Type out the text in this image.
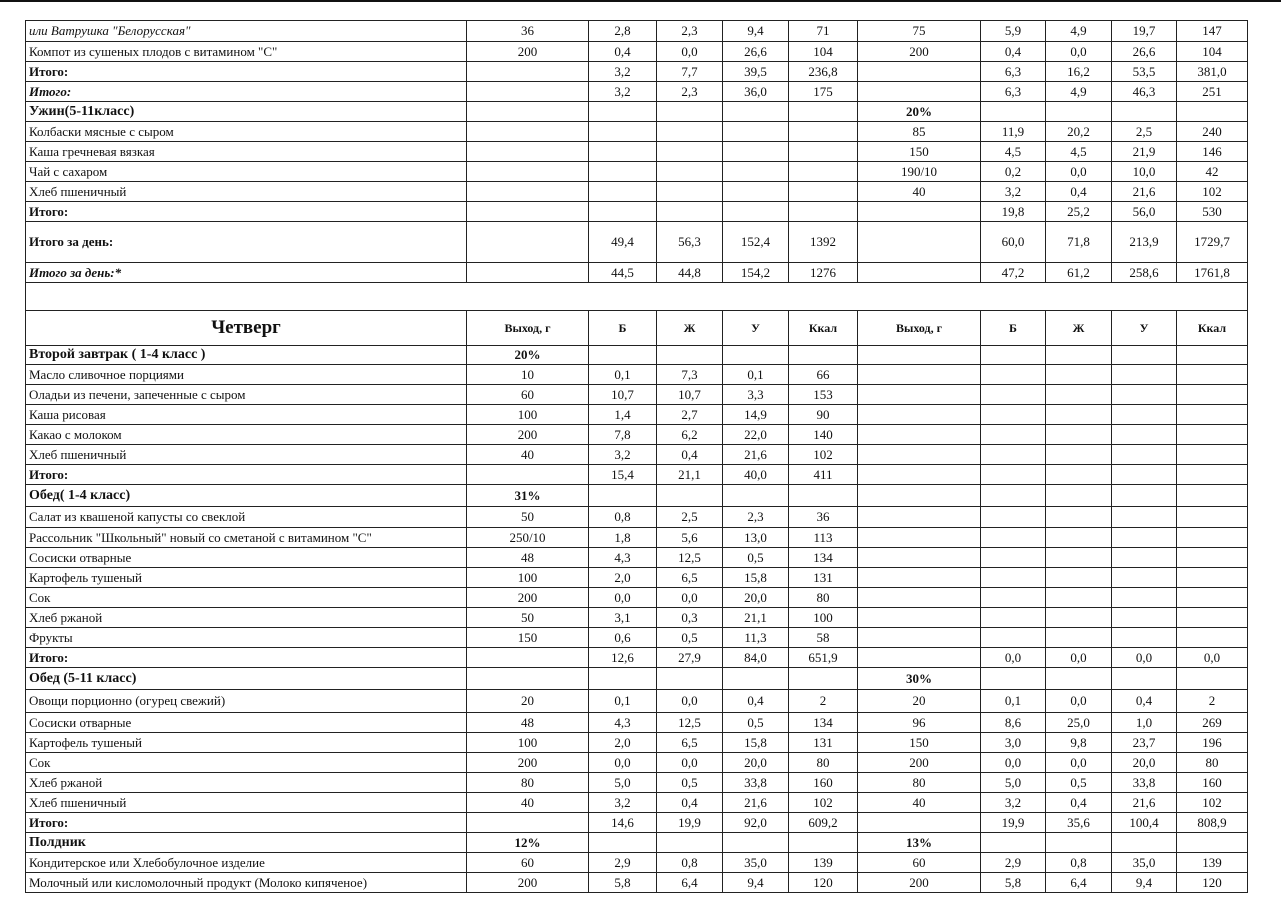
или Ватрушка "Белорусская"	36	2,8	2,3	9,4	71	75	5,9	4,9	19,7	147
Компот из сушеных плодов с витамином "С"	200	0,4	0,0	26,6	104	200	0,4	0,0	26,6	104
Итого:		3,2	7,7	39,5	236,8		6,3	16,2	53,5	381,0
Итого:		3,2	2,3	36,0	175		6,3	4,9	46,3	251
Ужин(5-11класс)						20%				
Колбаски мясные с сыром						85	11,9	20,2	2,5	240
Каша гречневая вязкая						150	4,5	4,5	21,9	146
Чай с сахаром						190/10	0,2	0,0	10,0	42
Хлеб пшеничный						40	3,2	0,4	21,6	102
Итого:							19,8	25,2	56,0	530
Итого за день:		49,4	56,3	152,4	1392		60,0	71,8	213,9	1729,7
Итого за день:*		44,5	44,8	154,2	1276		47,2	61,2	258,6	1761,8

Четверг	Выход, г	Б	Ж	У	Ккал	Выход, г	Б	Ж	У	Ккал
Второй завтрак ( 1-4 класс )	20%									
Масло сливочное порциями	10	0,1	7,3	0,1	66					
Оладьи из печени, запеченные с сыром	60	10,7	10,7	3,3	153					
Каша рисовая	100	1,4	2,7	14,9	90					
Какао с молоком	200	7,8	6,2	22,0	140					
Хлеб пшеничный	40	3,2	0,4	21,6	102					
Итого:		15,4	21,1	40,0	411					
Обед( 1-4 класс)	31%									
Салат из квашеной капусты со свеклой	50	0,8	2,5	2,3	36					
Рассольник "Школьный" новый со сметаной с витамином "С"	250/10	1,8	5,6	13,0	113					
Сосиски отварные	48	4,3	12,5	0,5	134					
Картофель тушеный	100	2,0	6,5	15,8	131					
Сок	200	0,0	0,0	20,0	80					
Хлеб ржаной	50	3,1	0,3	21,1	100					
Фрукты	150	0,6	0,5	11,3	58					
Итого:		12,6	27,9	84,0	651,9		0,0	0,0	0,0	0,0
Обед (5-11 класс)						30%				
Овощи порционно (огурец свежий)	20	0,1	0,0	0,4	2	20	0,1	0,0	0,4	2
Сосиски отварные	48	4,3	12,5	0,5	134	96	8,6	25,0	1,0	269
Картофель тушеный	100	2,0	6,5	15,8	131	150	3,0	9,8	23,7	196
Сок	200	0,0	0,0	20,0	80	200	0,0	0,0	20,0	80
Хлеб ржаной	80	5,0	0,5	33,8	160	80	5,0	0,5	33,8	160
Хлеб пшеничный	40	3,2	0,4	21,6	102	40	3,2	0,4	21,6	102
Итого:		14,6	19,9	92,0	609,2		19,9	35,6	100,4	808,9
Полдник	12%					13%				
Кондитерское или Хлебобулочное изделие	60	2,9	0,8	35,0	139	60	2,9	0,8	35,0	139
Молочный или кисломолочный продукт (Молоко кипяченое)	200	5,8	6,4	9,4	120	200	5,8	6,4	9,4	120
